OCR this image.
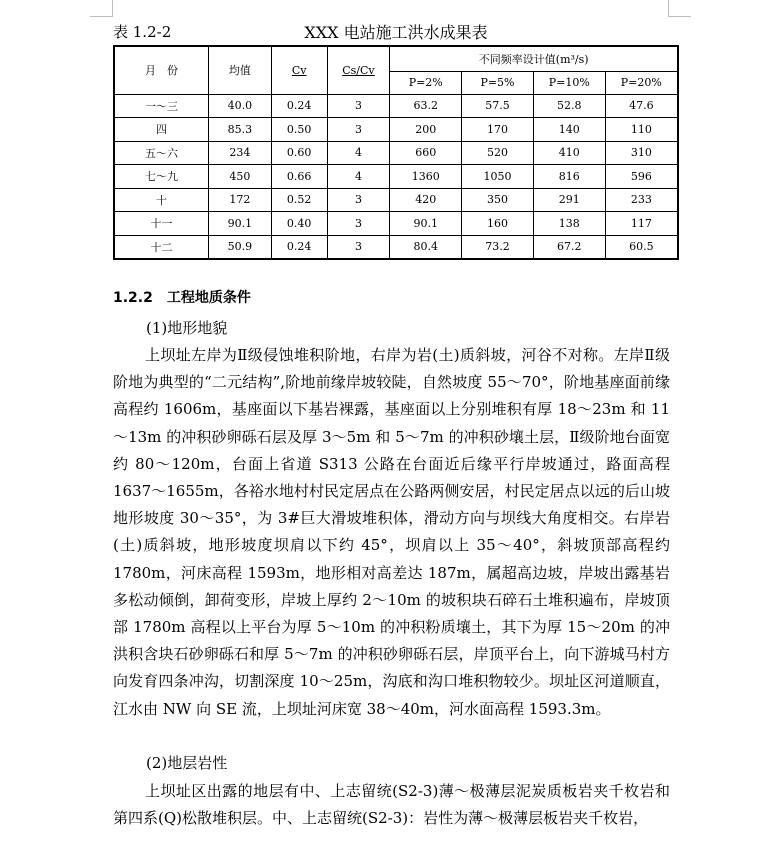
表 1.2-2	XXX 电站施工洪水成果表
月　份	均值	Cv	Cs/Cv	不同频率设计值(m³/s)			
				P=2%	P=5%	P=10%	P=20%
一～三	40.0	0.24	3	63.2	57.5	52.8	47.6
四	85.3	0.50	3	200	170	140	110
五～六	234	0.60	4	660	520	410	310
七～九	450	0.66	4	1360	1050	816	596
十	172	0.52	3	420	350	291	233
十一	90.1	0.40	3	90.1	160	138	117
十二	50.9	0.24	3	80.4	73.2	67.2	60.5
1.2.2　工程地质条件
(1)地形地貌

上坝址左岸为Ⅱ级侵蚀堆积阶地，右岸为岩(土)质斜坡，河谷不对称。左岸Ⅱ级阶地为典型的“二元结构”,阶地前缘岸坡较陡，自然坡度 55～70°，阶地基座面前缘高程约 1606m，基座面以下基岩裸露，基座面以上分别堆积有厚 18～23m 和 11～13m 的冲积砂卵砾石层及厚 3～5m 和 5～7m 的冲积砂壤土层，Ⅱ级阶地台面宽约 80～120m，台面上省道 S313 公路在台面近后缘平行岸坡通过，路面高程 1637～1655m，各裕水地村村民定居点在公路两侧安居，村民定居点以远的后山坡地形坡度 30～35°，为 3#巨大滑坡堆积体，滑动方向与坝线大角度相交。右岸岩(土)质斜坡，地形坡度坝肩以下约 45°，坝肩以上 35～40°，斜坡顶部高程约 1780m，河床高程 1593m，地形相对高差达 187m，属超高边坡，岸坡出露基岩多松动倾倒，卸荷变形，岸坡上厚约 2～10m 的坡积块石碎石土堆积遍布，岸坡顶部 1780m 高程以上平台为厚 5～10m 的冲积粉质壤土，其下为厚 15～20m 的冲洪积含块石砂卵砾石和厚 5～7m 的冲积砂卵砾石层，岸顶平台上，向下游城马村方向发育四条冲沟，切割深度 10～25m，沟底和沟口堆积物较少。坝址区河道顺直，江水由 NW 向 SE 流，上坝址河床宽 38～40m，河水面高程 1593.3m。

(2)地层岩性

上坝址区出露的地层有中、上志留统(S2-3)薄～极薄层泥炭质板岩夹千枚岩和第四系(Q)松散堆积层。中、上志留统(S2-3)：岩性为薄～极薄层板岩夹千枚岩，
